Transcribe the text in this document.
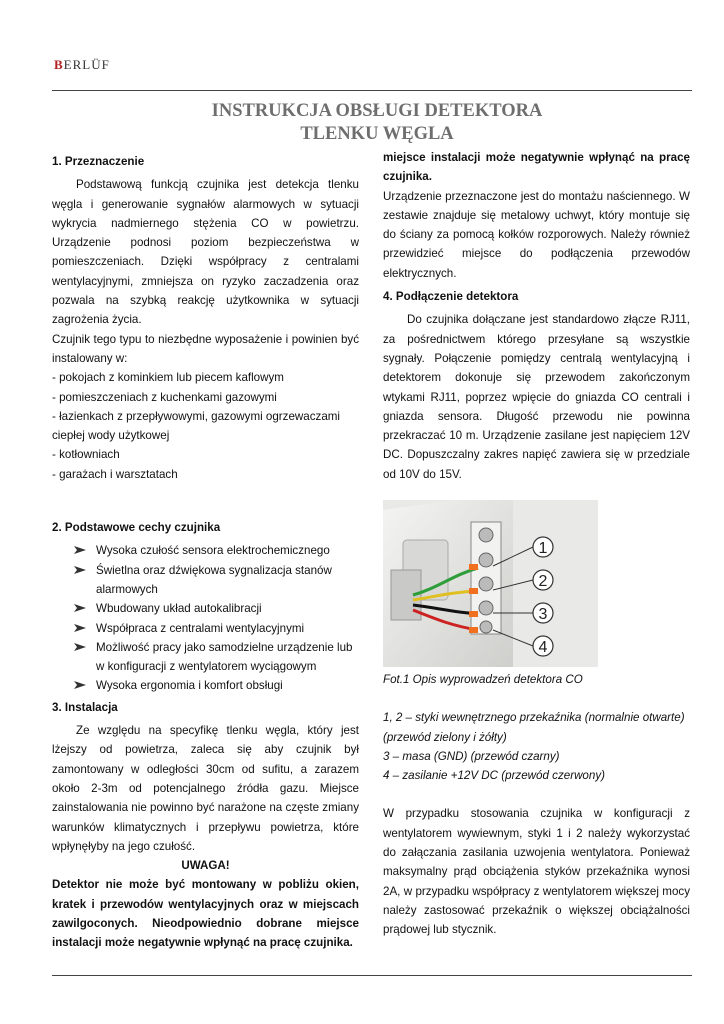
BERLÜF
INSTRUKCJA OBSŁUGI DETEKTORA
TLENKU WĘGLA

1. Przeznaczenie

Podstawową funkcją czujnika jest detekcja tlenku węgla i generowanie sygnałów alarmowych w sytuacji wykrycia nadmiernego stężenia CO w powietrzu. Urządzenie podnosi poziom bezpieczeństwa w pomieszczeniach. Dzięki współpracy z centralami wentylacyjnymi, zmniejsza on ryzyko zaczadzenia oraz pozwala na szybką reakcję użytkownika w sytuacji zagrożenia życia.

Czujnik tego typu to niezbędne wyposażenie i powinien być instalowany w:

- pokojach z kominkiem lub piecem kaflowym

- pomieszczeniach z kuchenkami gazowymi

- łazienkach z przepływowymi, gazowymi ogrzewaczami ciepłej wody użytkowej

- kotłowniach

- garażach i warsztatach

2. Podstawowe cechy czujnika

Wysoka czułość sensora elektrochemicznego
Świetlna oraz dźwiękowa sygnalizacja stanów alarmowych
Wbudowany układ autokalibracji
Współpraca z centralami wentylacyjnymi
Możliwość pracy jako samodzielne urządzenie lub w konfiguracji z wentylatorem wyciągowym
Wysoka ergonomia i komfort obsługi

3. Instalacja

Ze względu na specyfikę tlenku węgla, który jest lżejszy od powietrza, zaleca się aby czujnik był zamontowany w odległości 30cm od sufitu, a zarazem około 2-3m od potencjalnego źródła gazu. Miejsce zainstalowania nie powinno być narażone na częste zmiany warunków klimatycznych i przepływu powietrza, które wpłynęłyby na jego czułość.

UWAGA!

Detektor nie może być montowany w pobliżu okien, kratek i przewodów wentylacyjnych oraz w miejscach zawilgoconych. Nieodpowiednio dobrane miejsce instalacji może negatywnie wpłynąć na pracę czujnika.

miejsce instalacji może negatywnie wpłynąć na pracę czujnika.

Urządzenie przeznaczone jest do montażu naściennego. W zestawie znajduje się metalowy uchwyt, który montuje się do ściany za pomocą kołków rozporowych. Należy również przewidzieć miejsce do podłączenia przewodów elektrycznych.

4. Podłączenie detektora

Do czujnika dołączane jest standardowo złącze RJ11, za pośrednictwem którego przesyłane są wszystkie sygnały. Połączenie pomiędzy centralą wentylacyjną i detektorem dokonuje się przewodem zakończonym wtykami RJ11, poprzez wpięcie do gniazda CO centrali i gniazda sensora. Długość przewodu nie powinna przekraczać 10 m. Urządzenie zasilane jest napięciem 12V DC. Dopuszczalny zakres napięć zawiera się w przedziale od 10V do 15V.

1
2
3
4

Fot.1 Opis wyprowadzeń detektora CO

1, 2 – styki wewnętrznego przekaźnika (normalnie otwarte) (przewód zielony i żółty)

3 – masa (GND) (przewód czarny)

4 – zasilanie +12V DC (przewód czerwony)

W przypadku stosowania czujnika w konfiguracji z wentylatorem wywiewnym, styki 1 i 2 należy wykorzystać do załączania zasilania uzwojenia wentylatora. Ponieważ maksymalny prąd obciążenia styków przekaźnika wynosi 2A, w przypadku współpracy z wentylatorem większej mocy należy zastosować przekaźnik o większej obciążalności prądowej lub stycznik.
